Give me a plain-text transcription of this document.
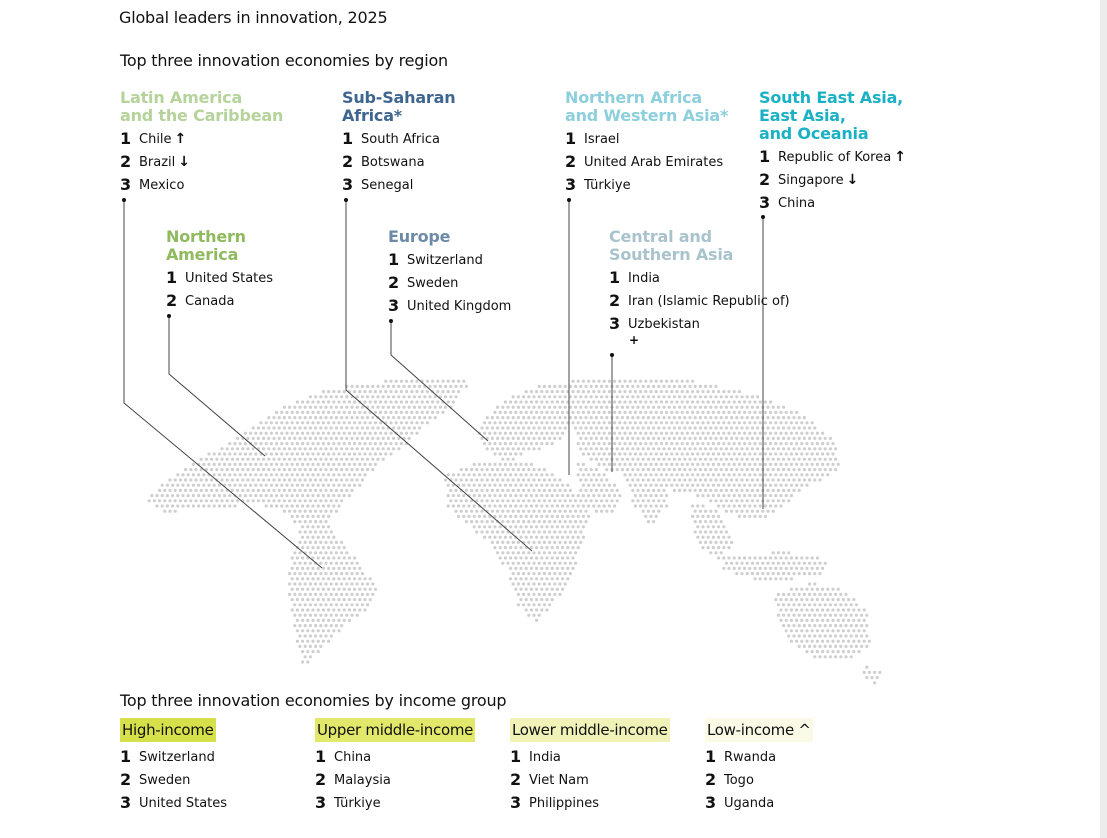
Global leaders in innovation, 2025
Top three innovation economies by region
Latin America
and the Caribbean
1 Chile ↑
2 Brazil ↓
3 Mexico
Sub-Saharan
Africa*
1 South Africa
2 Botswana
3 Senegal
Northern Africa
and Western Asia*
1 Israel
2 United Arab Emirates
3 Türkiye
South East Asia,
East Asia,
and Oceania
1 Republic of Korea ↑
2 Singapore ↓
3 China
Northern
America
1 United States
2 Canada
Europe
1 Switzerland
2 Sweden
3 United Kingdom
Central and
Southern Asia
1 India
2 Iran (Islamic Republic of)
3 Uzbekistan+
Top three innovation economies by income group
High-income
1 Switzerland
2 Sweden
3 United States
Upper middle-income
1 China
2 Malaysia
3 Türkiye
Lower middle-income
1 India
2 Viet Nam
3 Philippines
Low-income ^
1 Rwanda
2 Togo
3 Uganda
